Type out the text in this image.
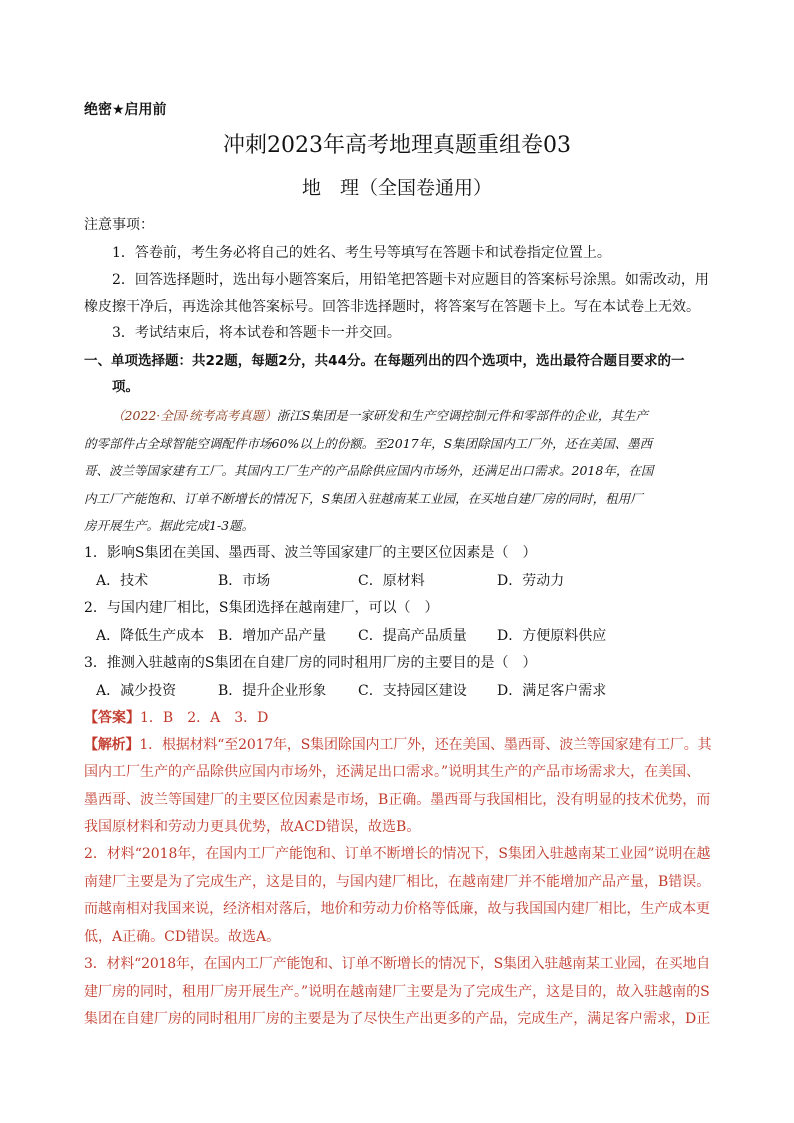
绝密★启用前
冲刺2023年高考地理真题重组卷03
地　理（全国卷通用）
注意事项：
1．答卷前，考生务必将自己的姓名、考生号等填写在答题卡和试卷指定位置上。
2．回答选择题时，选出每小题答案后，用铅笔把答题卡对应题目的答案标号涂黑。如需改动，用
橡皮擦干净后，再选涂其他答案标号。回答非选择题时，将答案写在答题卡上。写在本试卷上无效。
3．考试结束后，将本试卷和答题卡一并交回。
一、单项选择题：共22题，每题2分，共44分。在每题列出的四个选项中，选出最符合题目要求的一
项。
（2022·全国·统考高考真题）浙江S集团是一家研发和生产空调控制元件和零部件的企业，其生产
的零部件占全球智能空调配件市场60%以上的份额。至2017年，S集团除国内工厂外，还在美国、墨西
哥、波兰等国家建有工厂。其国内工厂生产的产品除供应国内市场外，还满足出口需求。2018年，在国
内工厂产能饱和、订单不断增长的情况下，S集团入驻越南某工业园，在买地自建厂房的同时，租用厂
房开展生产。据此完成1-3题。
1．影响S集团在美国、墨西哥、波兰等国家建厂的主要区位因素是（　）
A．技术	B．市场	C．原材料	D．劳动力
2．与国内建厂相比，S集团选择在越南建厂，可以（　）
A．降低生产成本 B．增加产品产量 C．提高产品质量 D．方便原料供应
3．推测入驻越南的S集团在自建厂房的同时租用厂房的主要目的是（　）
A．减少投资	B．提升企业形象 C．支持园区建设 D．满足客户需求
【答案】1．B　2．A　3．D
【解析】1．根据材料“至2017年，S集团除国内工厂外，还在美国、墨西哥、波兰等国家建有工厂。其
国内工厂生产的产品除供应国内市场外，还满足出口需求。”说明其生产的产品市场需求大，在美国、
墨西哥、波兰等国建厂的主要区位因素是市场，B正确。墨西哥与我国相比，没有明显的技术优势，而
我国原材料和劳动力更具优势，故ACD错误，故选B。
2．材料“2018年，在国内工厂产能饱和、订单不断增长的情况下，S集团入驻越南某工业园”说明在越
南建厂主要是为了完成生产，这是目的，与国内建厂相比，在越南建厂并不能增加产品产量，B错误。
而越南相对我国来说，经济相对落后，地价和劳动力价格等低廉，故与我国国内建厂相比，生产成本更
低，A正确。CD错误。故选A。
3．材料“2018年，在国内工厂产能饱和、订单不断增长的情况下，S集团入驻越南某工业园，在买地自
建厂房的同时，租用厂房开展生产。”说明在越南建厂主要是为了完成生产，这是目的，故入驻越南的S
集团在自建厂房的同时租用厂房的主要是为了尽快生产出更多的产品，完成生产，满足客户需求，D正
